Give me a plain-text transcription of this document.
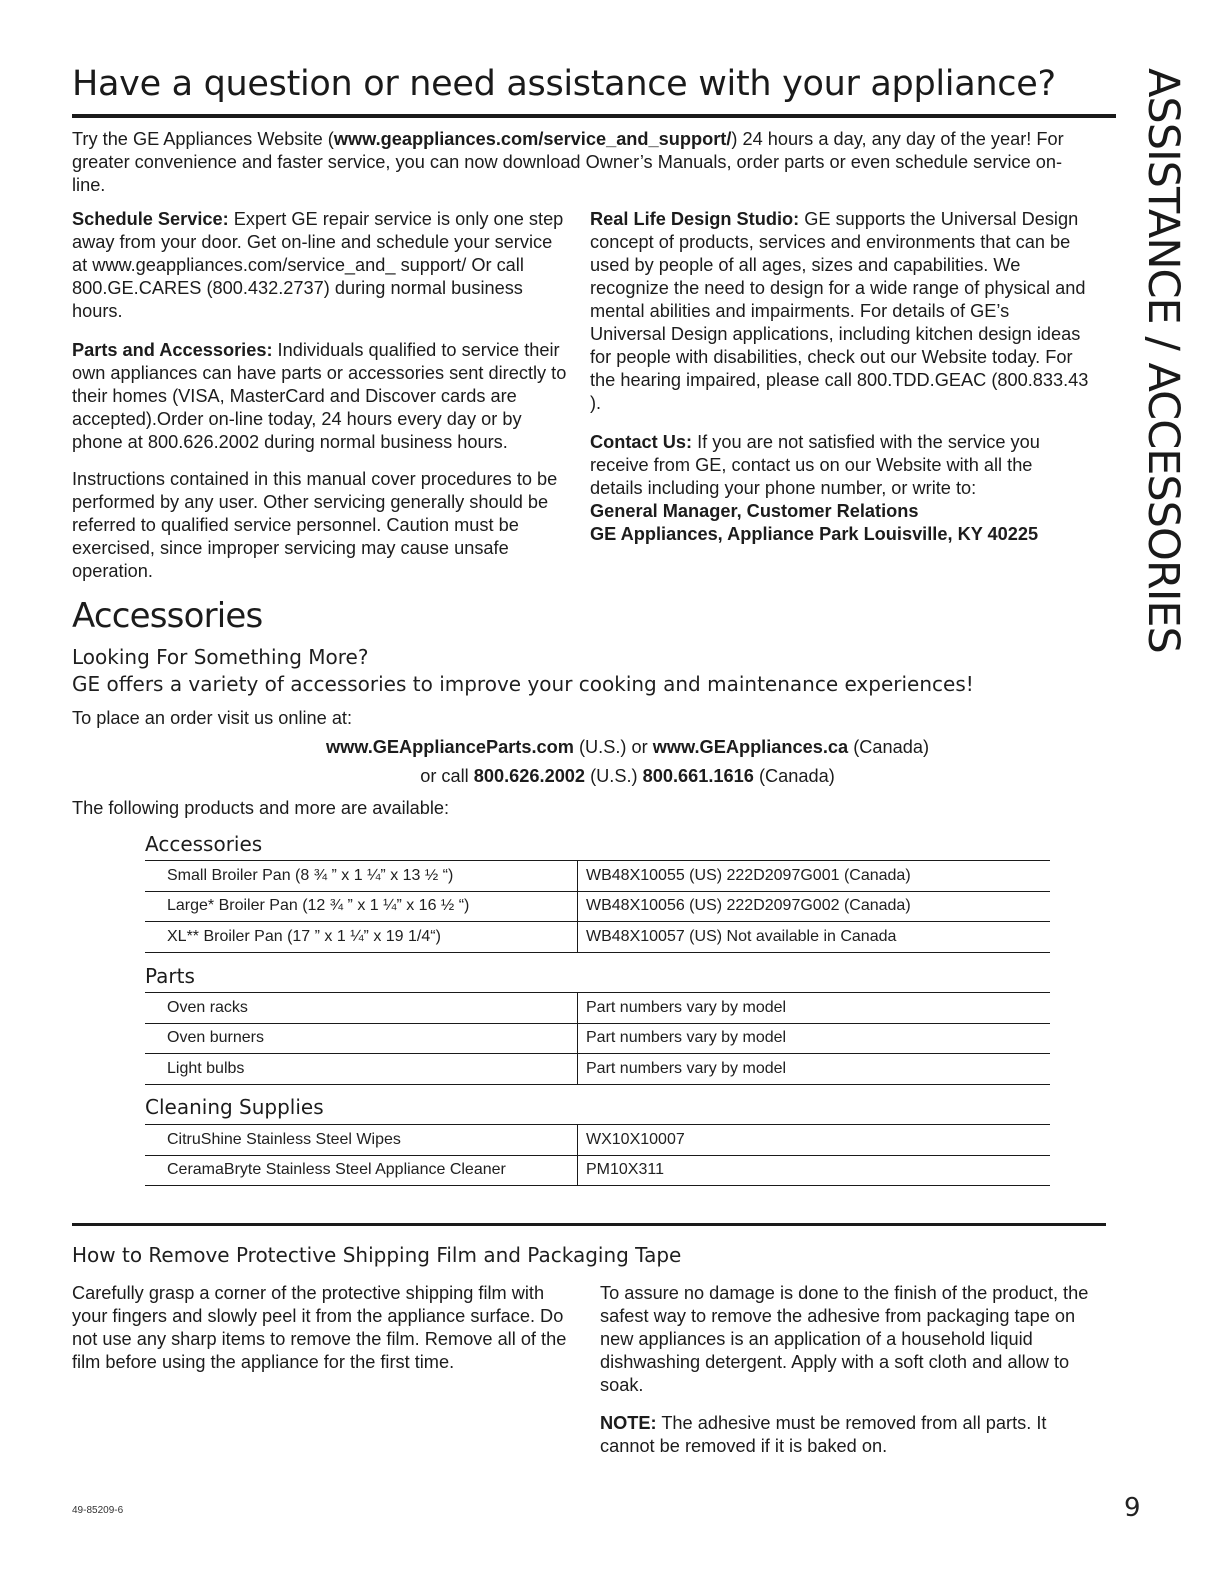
Have a question or need assistance with your appliance? ASSISTANCE / ACCESSORIES

Try the GE Appliances Website (www.geappliances.com/service_and_support/) 24 hours a day, any day of the year! For greater convenience and faster service, you can now download Owner’s Manuals, order parts or even schedule service on-line.

Schedule Service: Expert GE repair service is only one step away from your door. Get on-line and schedule your service at www.geappliances.com/service_and_ support/ Or call 800.GE.CARES (800.432.2737) during normal business hours.

Parts and Accessories: Individuals qualified to service their own appliances can have parts or accessories sent directly to their homes (VISA, MasterCard and Discover cards are accepted).Order on-line today, 24 hours every day or by phone at 800.626.2002 during normal business hours.

Instructions contained in this manual cover procedures to be performed by any user. Other servicing generally should be referred to qualified service personnel. Caution must be exercised, since improper servicing may cause unsafe operation.

Real Life Design Studio: GE supports the Universal Design concept of products, services and environments that can be used by people of all ages, sizes and capabilities. We recognize the need to design for a wide range of physical and mental abilities and impairments. For details of GE’s Universal Design applications, including kitchen design ideas for people with disabilities, check out our Website today. For the hearing impaired, please call 800.TDD.GEAC (800.833.43 ).

Contact Us: If you are not satisfied with the service you receive from GE, contact us on our Website with all the details including your phone number, or write to:

General Manager, Customer Relations

GE Appliances, Appliance Park Louisville, KY 40225

Accessories
Looking For Something More?
GE offers a variety of accessories to improve your cooking and maintenance experiences!

To place an order visit us online at:

www.GEApplianceParts.com (U.S.) or www.GEAppliances.ca (Canada)
or call 800.626.2002 (U.S.) 800.661.1616 (Canada)

The following products and more are available:

Accessories
Small Broiler Pan (8 ¾ ” x 1 ¼” x 13 ½ “)	WB48X10055 (US) 222D2097G001 (Canada)
Large* Broiler Pan (12 ¾ ” x 1 ¼” x 16 ½ “)	WB48X10056 (US) 222D2097G002 (Canada)
XL** Broiler Pan (17 ” x 1 ¼” x 19 1/4“)	WB48X10057 (US) Not available in Canada
Parts
Oven racks	Part numbers vary by model
Oven burners	Part numbers vary by model
Light bulbs	Part numbers vary by model
Cleaning Supplies
CitruShine Stainless Steel Wipes	WX10X10007
CeramaBryte Stainless Steel Appliance Cleaner	PM10X311
How to Remove Protective Shipping Film and Packaging Tape

Carefully grasp a corner of the protective shipping film with your fingers and slowly peel it from the appliance surface. Do not use any sharp items to remove the film. Remove all of the film before using the appliance for the first time.

To assure no damage is done to the finish of the product, the safest way to remove the adhesive from packaging tape on new appliances is an application of a household liquid dishwashing detergent. Apply with a soft cloth and allow to soak.

NOTE: The adhesive must be removed from all parts. It cannot be removed if it is baked on.

49-85209-6	9
